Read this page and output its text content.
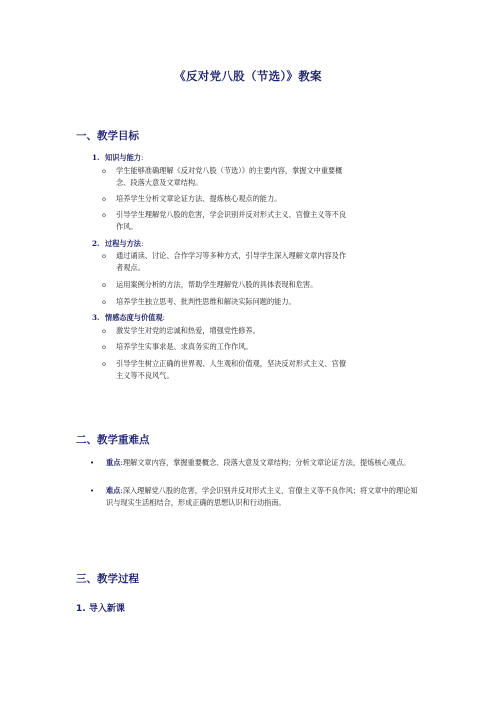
《反对党八股（节选）》教案
一、教学目标
1. 知识与能力:
o 学生能够准确理解《反对党八股（节选）》的主要内容，掌握文中重要概念、段落大意及文章结构。
o 培养学生分析文章论证方法、提炼核心观点的能力。
o 引导学生理解党八股的危害，学会识别并反对形式主义、官僚主义等不良作风。
2. 过程与方法:
o 通过诵读、讨论、合作学习等多种方式，引导学生深入理解文章内容及作者观点。
o 运用案例分析的方法，帮助学生理解党八股的具体表现和危害。
o 培养学生独立思考、批判性思维和解决实际问题的能力。
3. 情感态度与价值观:
o 激发学生对党的忠诚和热爱，增强党性修养。
o 培养学生实事求是、求真务实的工作作风。
o 引导学生树立正确的世界观、人生观和价值观，坚决反对形式主义、官僚主义等不良风气。
二、教学重难点
•	重点:理解文章内容，掌握重要概念、段落大意及文章结构；分析文章论证方法，提炼核心观点。
•	难点:深入理解党八股的危害，学会识别并反对形式主义、官僚主义等不良作风；将文章中的理论知识与现实生活相结合，形成正确的思想认识和行动指南。
三、教学过程
1. 导入新课
